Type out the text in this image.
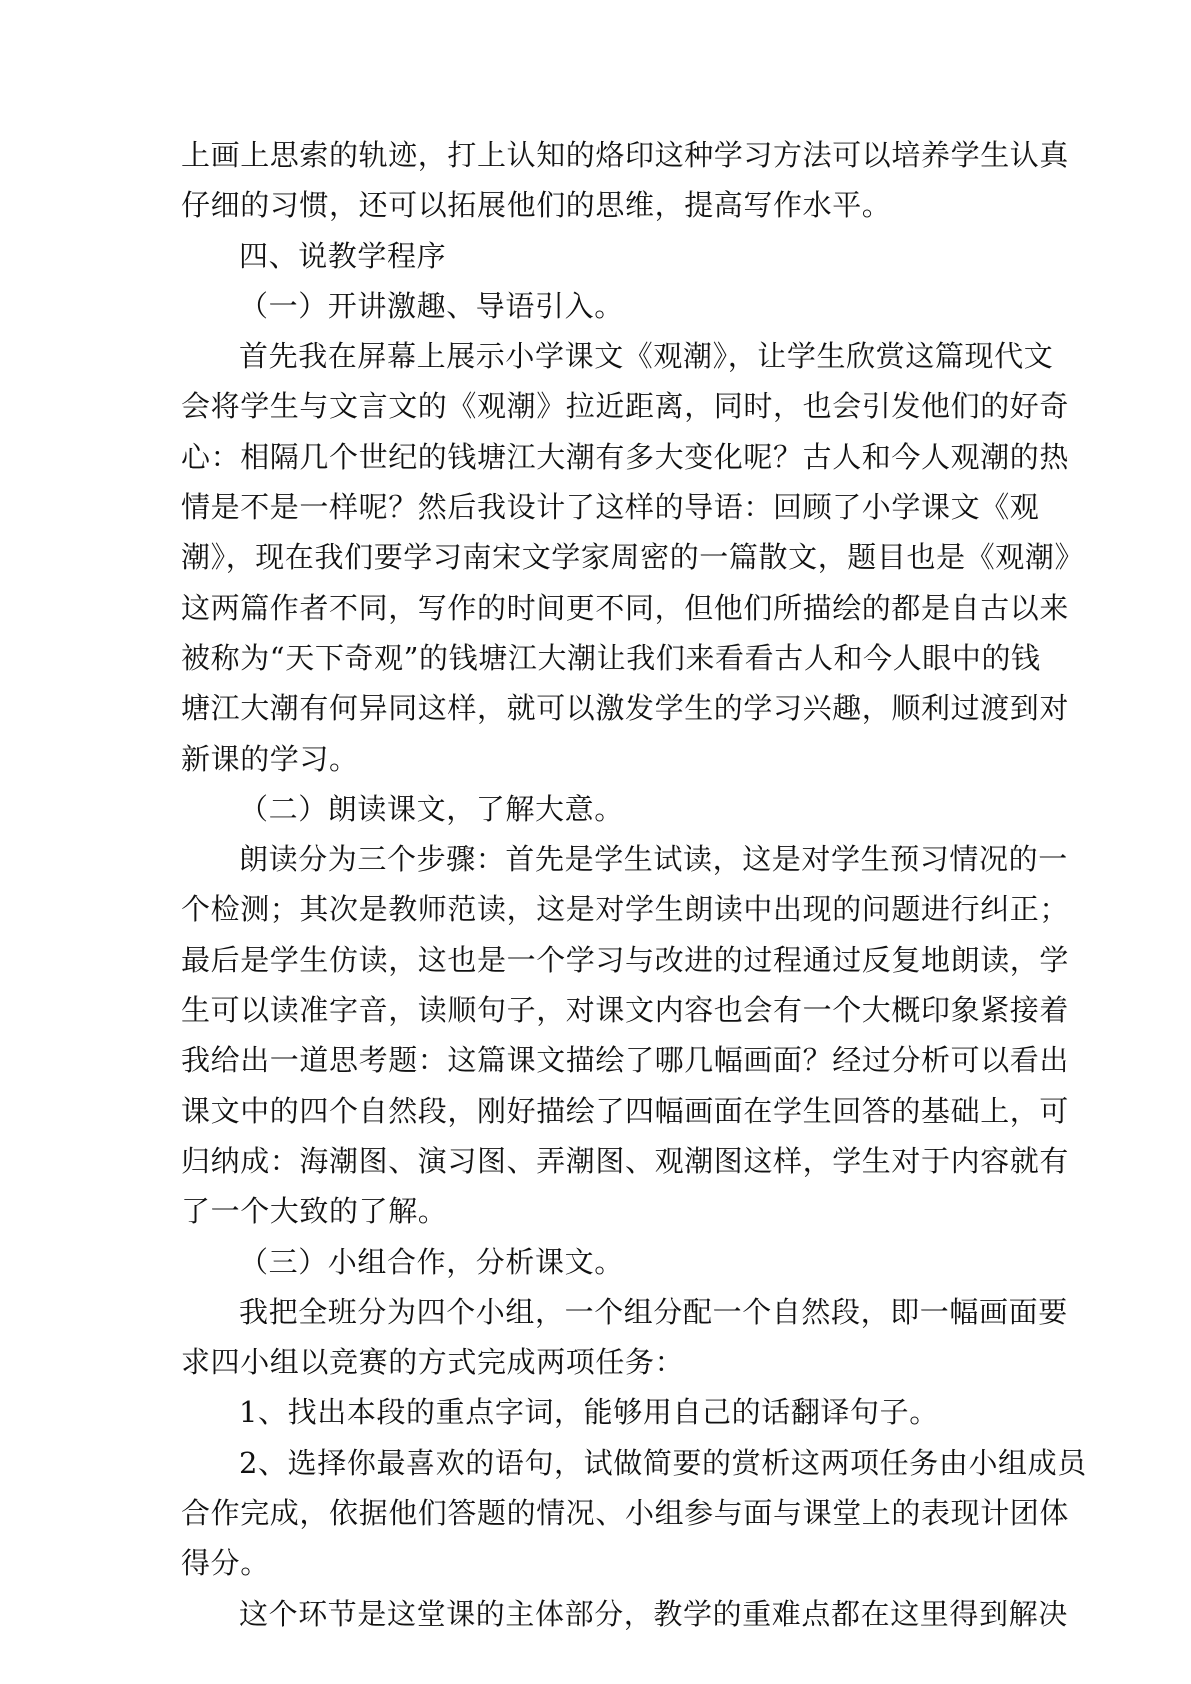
上画上思索的轨迹，打上认知的烙印这种学习方法可以培养学生认真
仔细的习惯，还可以拓展他们的思维，提高写作水平。
四、说教学程序
（一）开讲激趣、导语引入。
首先我在屏幕上展示小学课文《观潮》，让学生欣赏这篇现代文
会将学生与文言文的《观潮》拉近距离，同时，也会引发他们的好奇
心：相隔几个世纪的钱塘江大潮有多大变化呢？古人和今人观潮的热
情是不是一样呢？然后我设计了这样的导语：回顾了小学课文《观
潮》，现在我们要学习南宋文学家周密的一篇散文，题目也是《观潮》
这两篇作者不同，写作的时间更不同，但他们所描绘的都是自古以来
被称为“天下奇观”的钱塘江大潮让我们来看看古人和今人眼中的钱
塘江大潮有何异同这样，就可以激发学生的学习兴趣，顺利过渡到对
新课的学习。
（二）朗读课文，了解大意。
朗读分为三个步骤：首先是学生试读，这是对学生预习情况的一
个检测；其次是教师范读，这是对学生朗读中出现的问题进行纠正；
最后是学生仿读，这也是一个学习与改进的过程通过反复地朗读，学
生可以读准字音，读顺句子，对课文内容也会有一个大概印象紧接着
我给出一道思考题：这篇课文描绘了哪几幅画面？经过分析可以看出
课文中的四个自然段，刚好描绘了四幅画面在学生回答的基础上，可
归纳成：海潮图、演习图、弄潮图、观潮图这样，学生对于内容就有
了一个大致的了解。
（三）小组合作，分析课文。
我把全班分为四个小组，一个组分配一个自然段，即一幅画面要
求四小组以竞赛的方式完成两项任务：
1、找出本段的重点字词，能够用自己的话翻译句子。
2、选择你最喜欢的语句，试做简要的赏析这两项任务由小组成员
合作完成，依据他们答题的情况、小组参与面与课堂上的表现计团体
得分。
这个环节是这堂课的主体部分，教学的重难点都在这里得到解决
